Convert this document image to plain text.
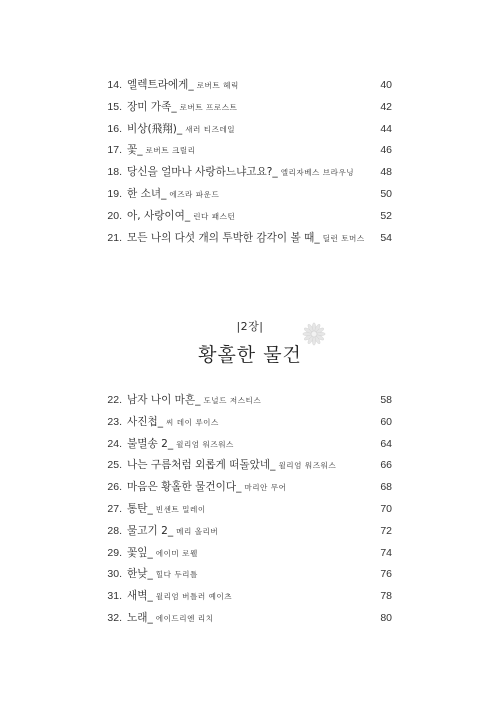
14. 엘렉트라에게_ 로버트 헤릭	40
15. 장미 가족_ 로버트 프로스트	42
16. 비상(飛翔)_ 새러 티즈데일	44
17. 꽃_ 로버트 크릴리	46
18. 당신을 얼마나 사랑하느냐고요?_ 엘리자베스 브라우닝 48
19. 한 소녀_ 에즈라 파운드	50
20. 아, 사랑이여_ 린다 패스턴	52
21. 모든 나의 다섯 개의 투박한 감각이 볼 때_ 딜런 토머스 54
|2장|
황홀한 물건
22. 남자 나이 마흔_ 도널드 저스티스	58
23. 사진첩_ 씨 데이 루이스	60
24. 불멸송 2_ 윌리엄 워즈워스	64
25. 나는 구름처럼 외롭게 떠돌았네_ 윌리엄 워즈워스	66
26. 마음은 황홀한 물건이다_ 마리안 무어	68
27. 통탄_ 빈센트 밀레이	70
28. 물고기 2_ 메리 올리버	72
29. 꽃잎_ 에이미 로웰	74
30. 한낮_ 힐다 두리틀	76
31. 새벽_ 윌리엄 버틀러 예이츠	78
32. 노래_ 에이드리엔 리치	80
